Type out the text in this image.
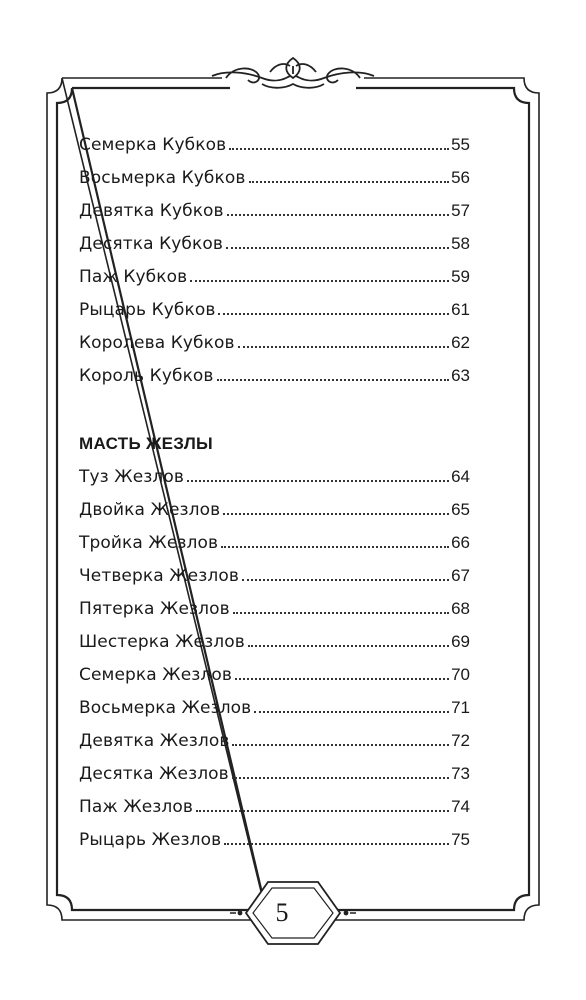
Семерка Кубков	55
Восьмерка Кубков	56
Девятка Кубков	57
Десятка Кубков	58
Паж Кубков	59
Рыцарь Кубков	61
Королева Кубков	62
Король Кубков	63
МАСТЬ ЖЕЗЛЫ
Туз Жезлов	64
Двойка Жезлов	65
Тройка Жезлов	66
Четверка Жезлов	67
Пятерка Жезлов	68
Шестерка Жезлов	69
Семерка Жезлов	70
Восьмерка Жезлов	71
Девятка Жезлов	72
Десятка Жезлов	73
Паж Жезлов	74
Рыцарь Жезлов	75
5
